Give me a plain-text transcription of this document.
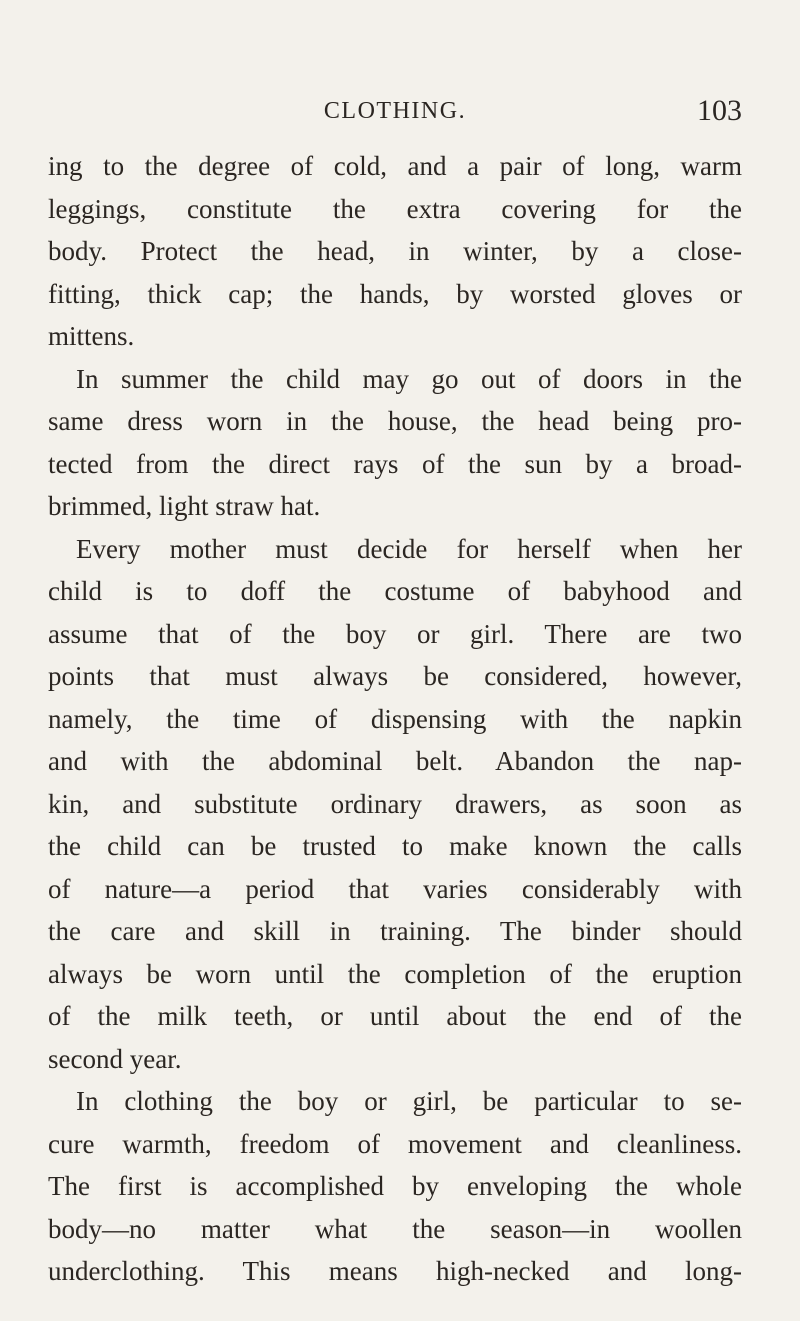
CLOTHING.	103
ing to the degree of cold, and a pair of long, warm
leggings, constitute the extra covering for the
body. Protect the head, in winter, by a close-
fitting, thick cap; the hands, by worsted gloves or
mittens.
In summer the child may go out of doors in the
same dress worn in the house, the head being pro-
tected from the direct rays of the sun by a broad-
brimmed, light straw hat.
Every mother must decide for herself when her
child is to doff the costume of babyhood and
assume that of the boy or girl. There are two
points that must always be considered, however,
namely, the time of dispensing with the napkin
and with the abdominal belt. Abandon the nap-
kin, and substitute ordinary drawers, as soon as
the child can be trusted to make known the calls
of nature—a period that varies considerably with
the care and skill in training. The binder should
always be worn until the completion of the eruption
of the milk teeth, or until about the end of the
second year.
In clothing the boy or girl, be particular to se-
cure warmth, freedom of movement and cleanliness.
The first is accomplished by enveloping the whole
body—no matter what the season—in woollen
underclothing. This means high-necked and long-
